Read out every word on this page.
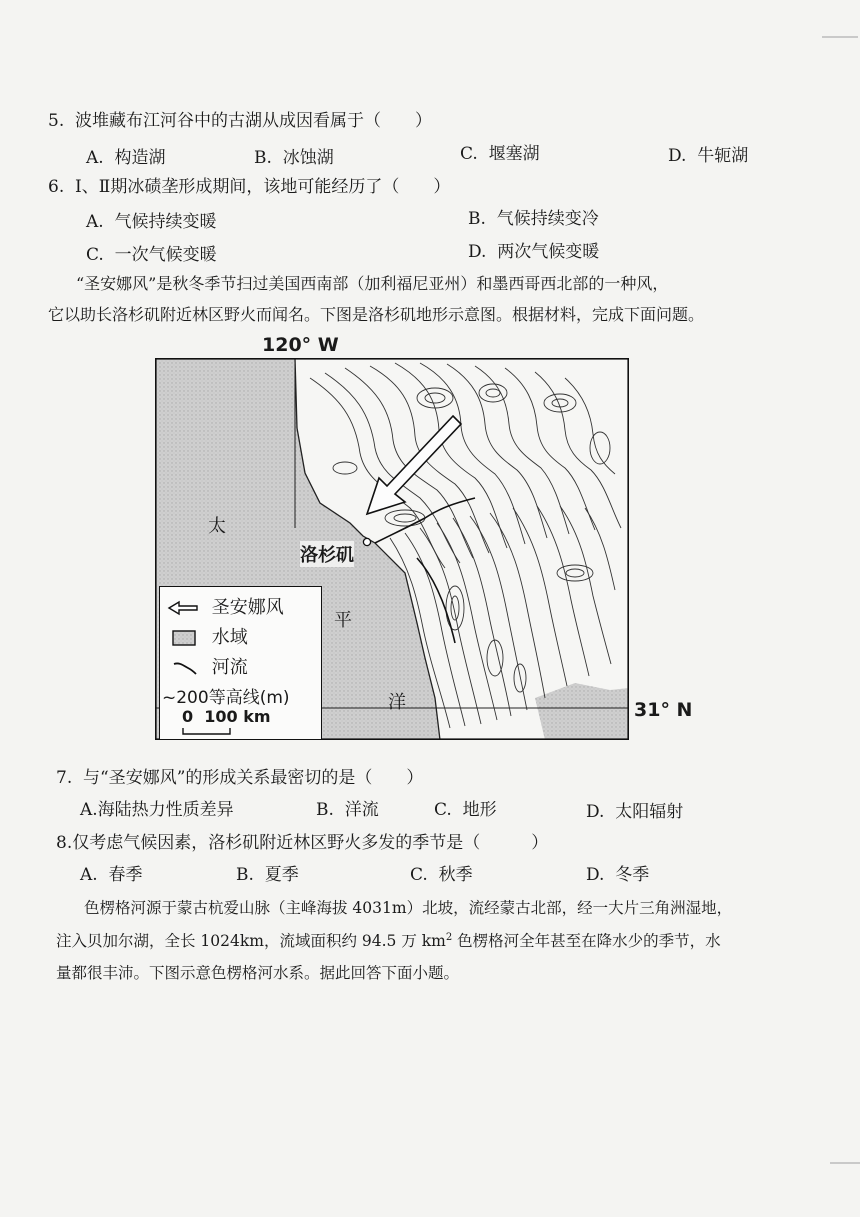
5. 波堆藏布江河谷中的古湖从成因看属于（　　）
A. 构造湖	B. 冰蚀湖	C. 堰塞湖	D. 牛轭湖
6. Ⅰ、Ⅱ期冰碛垄形成期间，该地可能经历了（　　）
A. 气候持续变暖	B. 气候持续变冷
C. 一次气候变暖	D. 两次气候变暖
“圣安娜风”是秋冬季节扫过美国西南部（加利福尼亚州）和墨西哥西北部的一种风，
它以助长洛杉矶附近林区野火而闻名。下图是洛杉矶地形示意图。根据材料，完成下面问题。
120° W
31° N
太
平
洋
洛杉矶
圣安娜风
水域
河流
~200等高线(m)
0  100 km
7. 与“圣安娜风”的形成关系最密切的是（　　）
A.海陆热力性质差异	B. 洋流	C. 地形	D. 太阳辐射
8.仅考虑气候因素，洛杉矶附近林区野火多发的季节是（　　　）
A. 春季	B. 夏季	C. 秋季	D. 冬季
色楞格河源于蒙古杭爱山脉（主峰海拔 4031m）北坡，流经蒙古北部，经一大片三角洲湿地，
注入贝加尔湖，全长 1024km，流域面积约 94.5 万 $km^2$ 色楞格河全年甚至在降水少的季节，水
量都很丰沛。下图示意色楞格河水系。据此回答下面小题。
